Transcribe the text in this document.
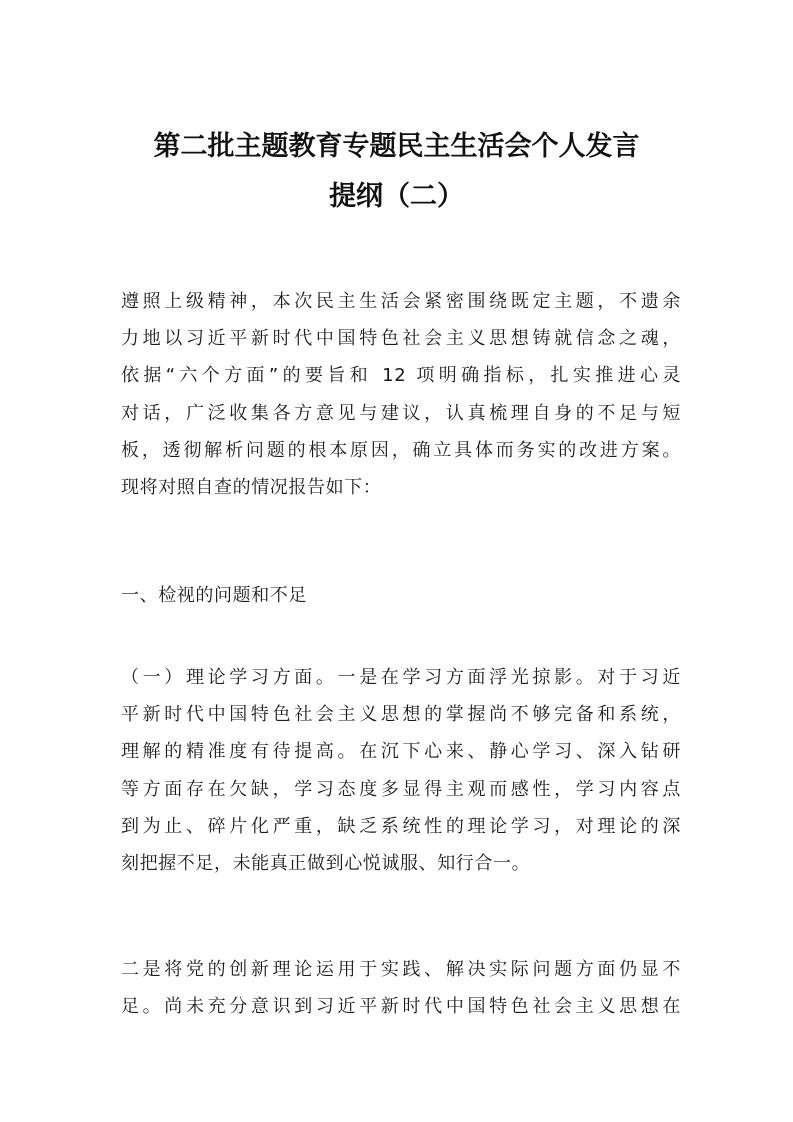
第二批主题教育专题民主生活会个人发言
提纲（二）
遵照上级精神，本次民主生活会紧密围绕既定主题，不遗余
力地以习近平新时代中国特色社会主义思想铸就信念之魂，
依据“六个方面”的要旨和 12 项明确指标，扎实推进心灵
对话，广泛收集各方意见与建议，认真梳理自身的不足与短
板，透彻解析问题的根本原因，确立具体而务实的改进方案。
现将对照自查的情况报告如下：
一、检视的问题和不足
（一）理论学习方面。一是在学习方面浮光掠影。对于习近
平新时代中国特色社会主义思想的掌握尚不够完备和系统，
理解的精准度有待提高。在沉下心来、静心学习、深入钻研
等方面存在欠缺，学习态度多显得主观而感性，学习内容点
到为止、碎片化严重，缺乏系统性的理论学习，对理论的深
刻把握不足，未能真正做到心悦诚服、知行合一。
二是将党的创新理论运用于实践、解决实际问题方面仍显不
足。尚未充分意识到习近平新时代中国特色社会主义思想在
